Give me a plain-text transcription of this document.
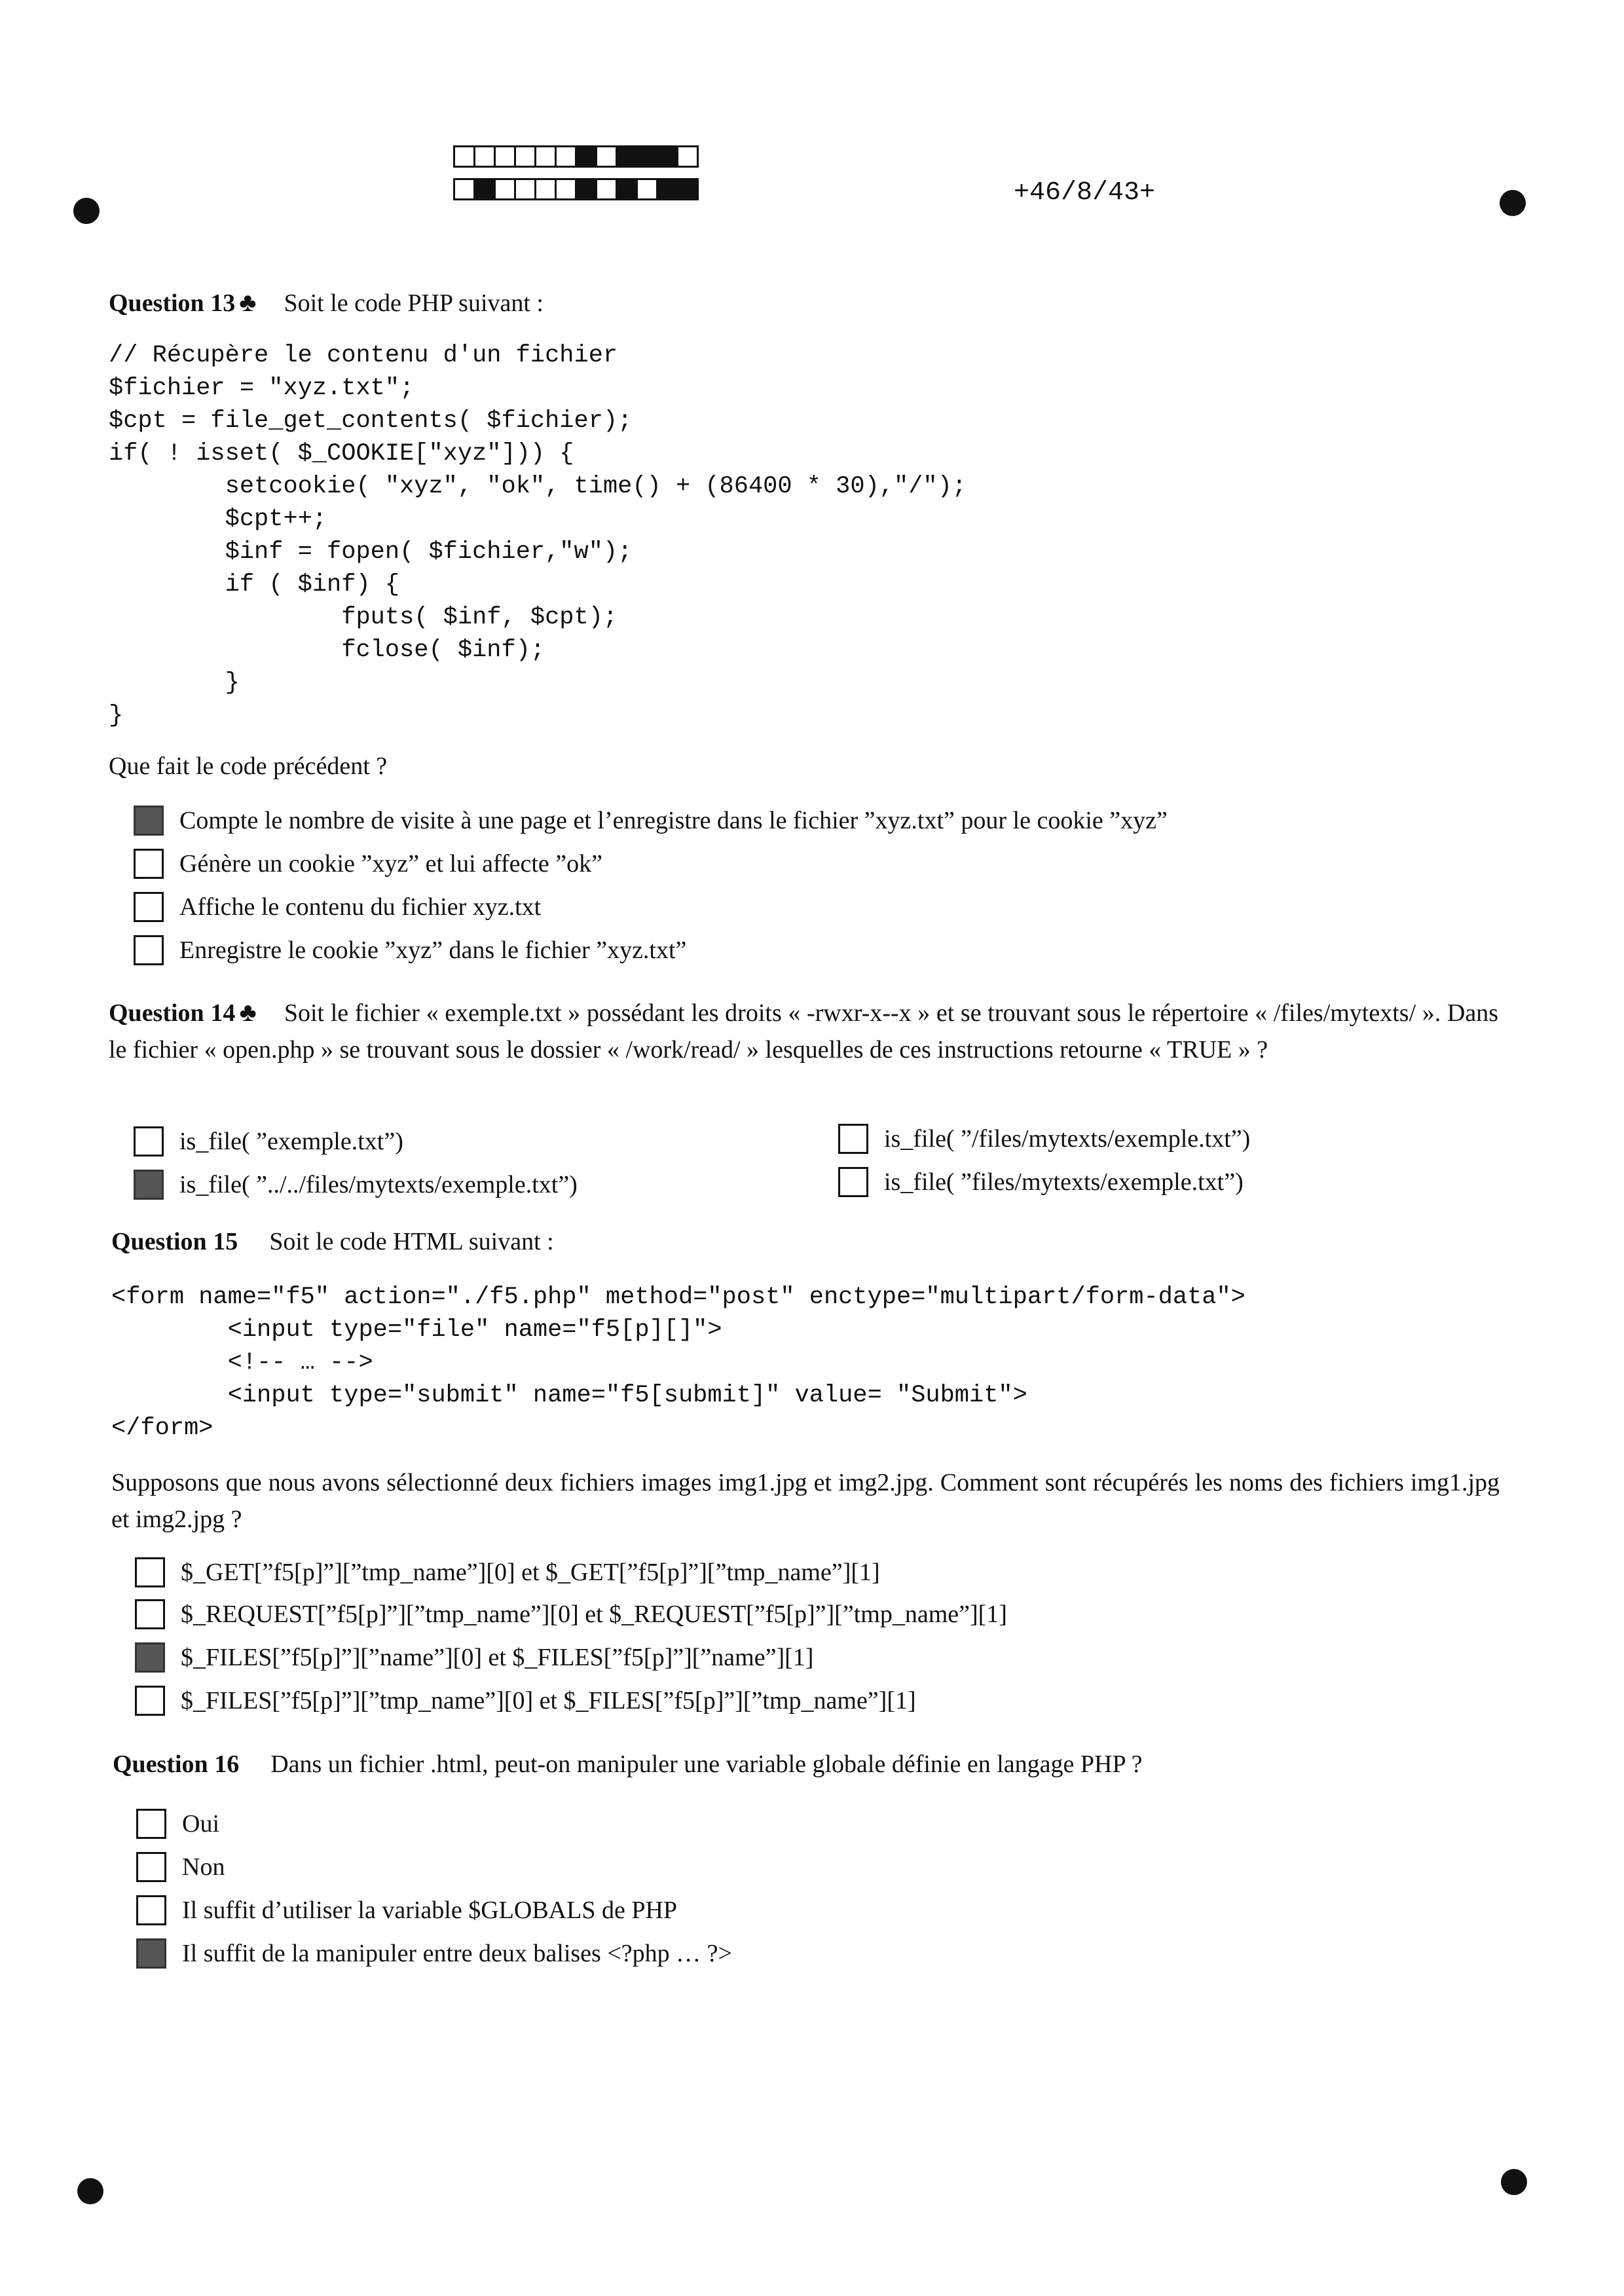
+46/8/43+
Question 13 ♣ Soit le code PHP suivant :
// Récupère le contenu d'un fichier
$fichier = "xyz.txt";
$cpt = file_get_contents( $fichier);
if( ! isset( $_COOKIE["xyz"])) {
setcookie( "xyz", "ok", time() + (86400 * 30),"/");
$cpt++;
$inf = fopen( $fichier,"w");
if ( $inf) {
fputs( $inf, $cpt);
fclose( $inf);
}
}
Que fait le code précédent ?
Compte le nombre de visite à une page et l’enregistre dans le fichier ”xyz.txt” pour le cookie ”xyz”
Génère un cookie ”xyz” et lui affecte ”ok”
Affiche le contenu du fichier xyz.txt
Enregistre le cookie ”xyz” dans le fichier ”xyz.txt”
Question 14 ♣ Soit le fichier « exemple.txt » possédant les droits « -rwxr-x--x » et se trouvant sous le répertoire « /files/mytexts/ ». Dans le fichier « open.php » se trouvant sous le dossier « /work/read/ » lesquelles de ces instructions retourne « TRUE » ?
is_file( ”exemple.txt”)
is_file( ”../../files/mytexts/exemple.txt”)
is_file( ”/files/mytexts/exemple.txt”)
is_file( ”files/mytexts/exemple.txt”)
Question 15 Soit le code HTML suivant :
<form name="f5" action="./f5.php" method="post" enctype="multipart/form-data">
<input type="file" name="f5[p][]">
<!-- … -->
<input type="submit" name="f5[submit]" value= "Submit">
</form>
Supposons que nous avons sélectionné deux fichiers images img1.jpg et img2.jpg. Comment sont récupérés les noms des fichiers img1.jpg et img2.jpg ?
$_GET[”f5[p]”][”tmp_name”][0] et $_GET[”f5[p]”][”tmp_name”][1]
$_REQUEST[”f5[p]”][”tmp_name”][0] et $_REQUEST[”f5[p]”][”tmp_name”][1]
$_FILES[”f5[p]”][”name”][0] et $_FILES[”f5[p]”][”name”][1]
$_FILES[”f5[p]”][”tmp_name”][0] et $_FILES[”f5[p]”][”tmp_name”][1]
Question 16 Dans un fichier .html, peut-on manipuler une variable globale définie en langage PHP ?
Oui
Non
Il suffit d’utiliser la variable $GLOBALS de PHP
Il suffit de la manipuler entre deux balises <?php … ?>
